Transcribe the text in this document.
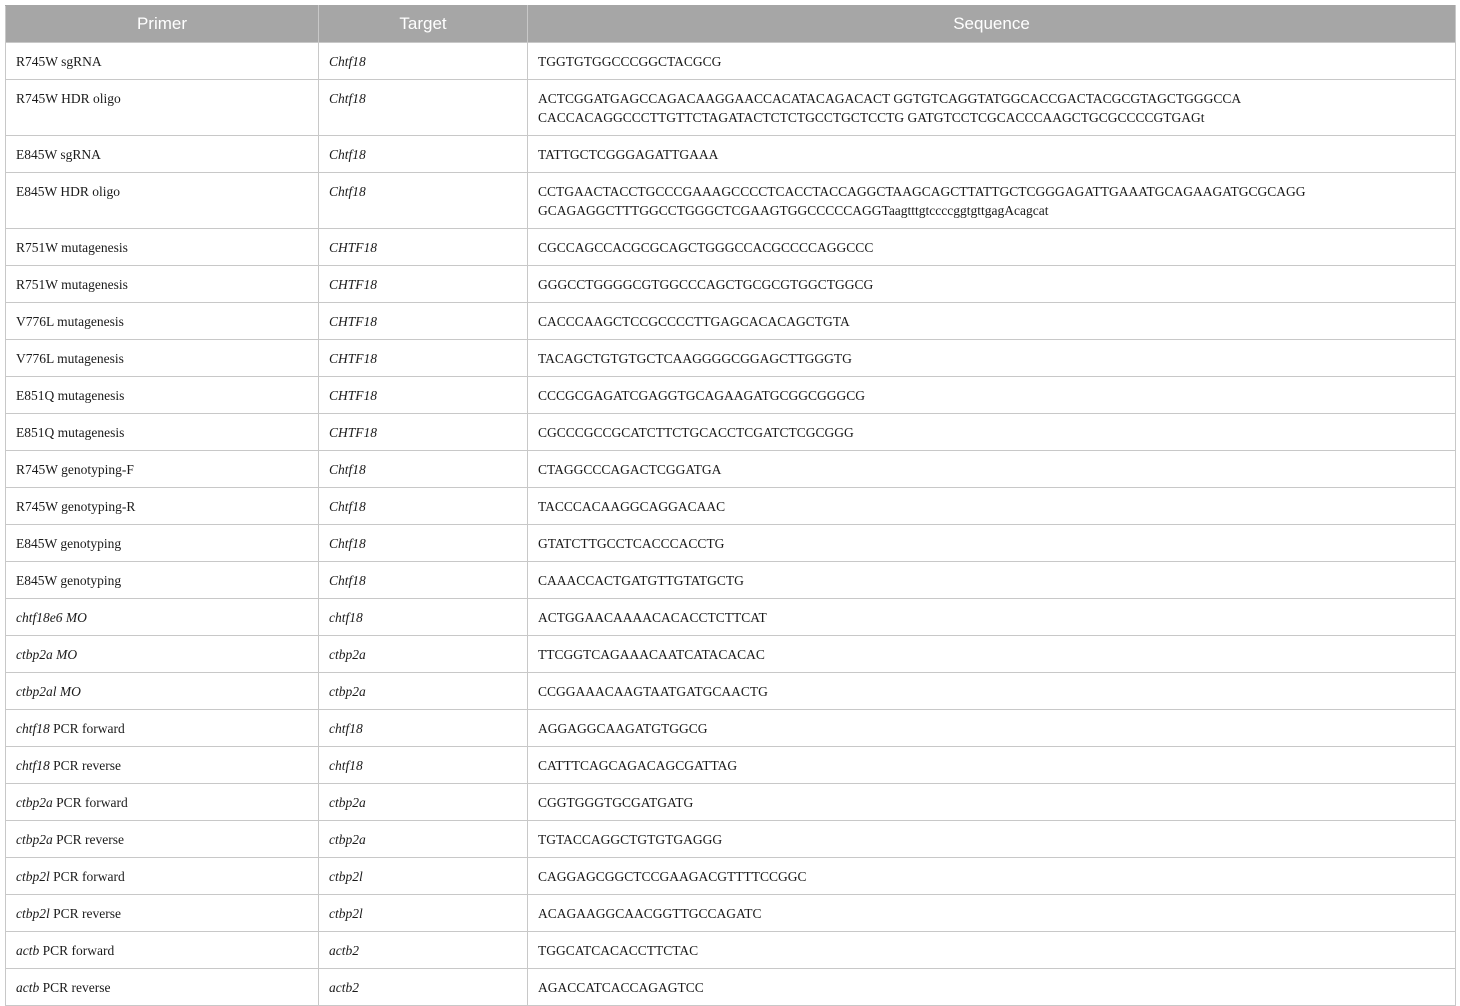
Primer	Target	Sequence
R745W sgRNA	Chtf18	TGGTGTGGCCCGGCTACGCG
R745W HDR oligo	Chtf18	ACTCGGATGAGCCAGACAAGGAACCACATACAGACACT GGTGTCAGGTATGGCACCGACTACGCGTAGCTGGGCCA
CACCACAGGCCCTTGTTCTAGATACTCTCTGCCTGCTCCTG GATGTCCTCGCACCCAAGCTGCGCCCCGTGAGt
E845W sgRNA	Chtf18	TATTGCTCGGGAGATTGAAA
E845W HDR oligo	Chtf18	CCTGAACTACCTGCCCGAAAGCCCCTCACCTACCAGGCTAAGCAGCTTATTGCTCGGGAGATTGAAATGCAGAAGATGCGCAGG
GCAGAGGCTTTGGCCTGGGCTCGAAGTGGCCCCCAGGTaagtttgtccccggtgttgagAcagcat
R751W mutagenesis	CHTF18	CGCCAGCCACGCGCAGCTGGGCCACGCCCCAGGCCC
R751W mutagenesis	CHTF18	GGGCCTGGGGCGTGGCCCAGCTGCGCGTGGCTGGCG
V776L mutagenesis	CHTF18	CACCCAAGCTCCGCCCCTTGAGCACACAGCTGTA
V776L mutagenesis	CHTF18	TACAGCTGTGTGCTCAAGGGGCGGAGCTTGGGTG
E851Q mutagenesis	CHTF18	CCCGCGAGATCGAGGTGCAGAAGATGCGGCGGGCG
E851Q mutagenesis	CHTF18	CGCCCGCCGCATCTTCTGCACCTCGATCTCGCGGG
R745W genotyping-F	Chtf18	CTAGGCCCAGACTCGGATGA
R745W genotyping-R	Chtf18	TACCCACAAGGCAGGACAAC
E845W genotyping	Chtf18	GTATCTTGCCTCACCCACCTG
E845W genotyping	Chtf18	CAAACCACTGATGTTGTATGCTG
chtf18e6 MO	chtf18	ACTGGAACAAAACACACCTCTTCAT
ctbp2a MO	ctbp2a	TTCGGTCAGAAACAATCATACACAC
ctbp2al MO	ctbp2a	CCGGAAACAAGTAATGATGCAACTG
chtf18 PCR forward	chtf18	AGGAGGCAAGATGTGGCG
chtf18 PCR reverse	chtf18	CATTTCAGCAGACAGCGATTAG
ctbp2a PCR forward	ctbp2a	CGGTGGGTGCGATGATG
ctbp2a PCR reverse	ctbp2a	TGTACCAGGCTGTGTGAGGG
ctbp2l PCR forward	ctbp2l	CAGGAGCGGCTCCGAAGACGTTTTCCGGC
ctbp2l PCR reverse	ctbp2l	ACAGAAGGCAACGGTTGCCAGATC
actb PCR forward	actb2	TGGCATCACACCTTCTAC
actb PCR reverse	actb2	AGACCATCACCAGAGTCC
